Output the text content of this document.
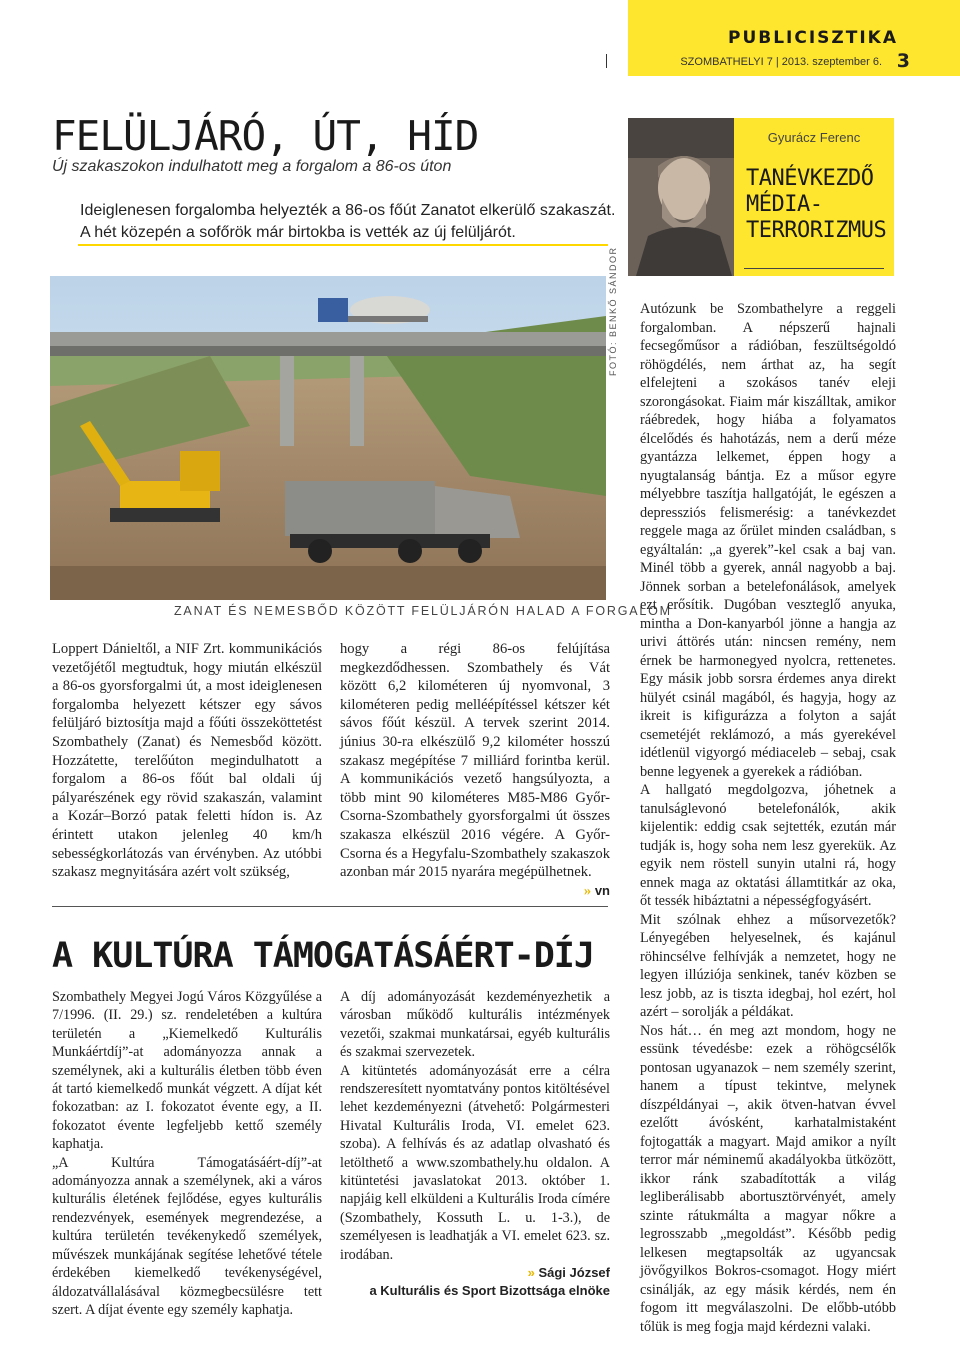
PUBLICISZTIKA
SZOMBATHELYI 7 | 2013. szeptember 6. 3
FELÜLJÁRÓ, ÚT, HÍD
Új szakaszokon indulhatott meg a forgalom a 86-os úton
Ideiglenesen forgalomba helyezték a 86-os főút Zanatot elkerülő szakaszát. A hét közepén a sofőrök már birtokba is vették az új felüljárót.
FOTÓ: BENKŐ SÁNDOR
ZANAT ÉS NEMESBŐD KÖZÖTT FELÜLJÁRÓN HALAD A FORGALOM
Loppert Dánieltől, a NIF Zrt. kommunikációs vezetőjétől megtudtuk, hogy miután elkészül a 86-os gyorsforgalmi út, a most ideiglenesen forgalomba helyezett kétszer egy sávos felüljáró biztosítja majd a főúti összeköttetést Szombathely (Zanat) és Nemesbőd között. Hozzátette, terelőúton megindulhatott a forgalom a 86-os főút bal oldali új pályarészének egy rövid szakaszán, valamint a Kozár–Borzó patak feletti hídon is. Az érintett utakon jelenleg 40 km/h sebességkorlátozás van érvényben. Az utóbbi szakasz megnyitására azért volt szükség,
hogy a régi 86-os felújítása megkezdődhessen. Szombathely és Vát között 6,2 kilométeren új nyomvonal, 3 kilométeren pedig melléépítéssel kétszer két sávos főút készül. A tervek szerint 2014. június 30-ra elkészülő 9,2 kilométer hosszú szakasz megépítése 7 milliárd forintba kerül. A kommunikációs vezető hangsúlyozta, a több mint 90 kilométeres M85-M86 Győr-Csorna-Szombathely gyorsforgalmi út összes szakasza elkészül 2016 végére. A Győr-Csorna és a Hegyfalu-Szombathely szakaszok azonban már 2015 nyarára megépülhetnek.
» vn
A KULTÚRA TÁMOGATÁSÁÉRT-DÍJ

Szombathely Megyei Jogú Város Közgyűlése a 7/1996. (II. 29.) sz. rendeletében a kultúra területén a „Kiemelkedő Kulturális Munkáértdíj”-at adományozza annak a személynek, aki a kulturális életben több éven át tartó kiemelkedő munkát végzett. A díjat két fokozatban: az I. fokozatot évente egy, a II. fokozatot évente legfeljebb kettő személy kaphatja.

„A Kultúra Támogatásáért-díj”-at adományozza annak a személynek, aki a város kulturális életének fejlődése, egyes kulturális rendezvények, események megrendezése, a kultúra területén tevékenykedő személyek, művészek munkájának segítése lehetővé tétele érdekében kiemelkedő tevékenységével, áldozatvállalásával közmegbecsülésre tett szert. A díjat évente egy személy kaphatja.

A díj adományozását kezdeményezhetik a városban működő kulturális intézmények vezetői, szakmai munkatársai, egyéb kulturális és szakmai szervezetek.

A kitüntetés adományozását erre a célra rendszeresített nyomtatvány pontos kitöltésével lehet kezdeményezni (átvehető: Polgármesteri Hivatal Kulturális Iroda, VI. emelet 623. szoba). A felhívás és az adatlap olvasható és letölthető a www.szombathely.hu oldalon. A kitüntetési javaslatokat 2013. október 1. napjáig kell elküldeni a Kulturális Iroda címére (Szombathely, Kossuth L. u. 1-3.), de személyesen is leadhatják a VI. emelet 623. sz. irodában.

» Sági József
a Kulturális és Sport Bizottsága elnöke
Gyurácz Ferenc
TANÉVKEZDŐ
MÉDIA-
TERRORIZMUS

Autózunk be Szombathelyre a reggeli forgalomban. A népszerű hajnali fecsegőműsor a rádióban, feszültségoldó röhögdélés, nem árthat az, ha segít elfelejteni a szokásos tanév eleji szorongásokat. Fiaim már kiszálltak, amikor ráébredek, hogy hiába a folyamatos élcelődés és hahotázás, nem a derű méze gyantázza lelkemet, éppen hogy a nyugtalanság bántja. Ez a műsor egyre mélyebbre taszítja hallgatóját, le egészen a depressziós felismerésig: a tanévkezdet reggele maga az őrület minden családban, s egyáltalán: „a gyerek”-kel csak a baj van. Minél több a gyerek, annál nagyobb a baj. Jönnek sorban a betelefonálások, amelyek ezt erősítik. Dugóban veszteglő anyuka, mintha a Don-kanyarból jönne a hangja az urivi áttörés után: nincsen remény, nem érnek be harmonegyed nyolcra, rettenetes. Egy másik jobb sorsra érdemes anya direkt hülyét csinál magából, és hagyja, hogy az ikreit is kifigurázza a folyton a saját csemetéjét reklámozó, a más gyerekével idétlenül vigyorgó médiaceleb – sebaj, csak benne legyenek a gyerekek a rádióban.

A hallgató megdolgozva, jóhetnek a tanulságlevonó betelefonálók, akik kijelentik: eddig csak sejtették, ezután már tudják is, hogy soha nem lesz gyerekük. Az egyik nem röstell sunyin utalni rá, hogy ennek maga az oktatási államtitkár az oka, őt tessék hibáztatni a népességfogyásért.

Mit szólnak ehhez a műsorvezetők? Lényegében helyeselnek, és kajánul röhincsélve felhívják a nemzetet, hogy ne legyen illúziója senkinek, tanév közben se lesz jobb, az is tiszta idegbaj, hol ezért, hol azért – sorolják a példákat.

Nos hát… én meg azt mondom, hogy ne essünk tévedésbe: ezek a röhögcsélők pontosan ugyanazok – nem személy szerint, hanem a típust tekintve, melynek díszpéldányai –, akik ötven-hatvan évvel ezelőtt ávósként, karhatalmistaként fojtogatták a magyart. Majd amikor a nyílt terror már néminemű akadályokba ütközött, ikkor ránk szabadították a világ legliberálisabb abortusztörvényét, amely szinte rátukmálta a magyar nőkre a legrosszabb „megoldást”. Később pedig lelkesen megtapsolták az ugyancsak jövőgyilkos Bokros-csomagot. Hogy miért csinálják, az egy másik kérdés, nem én fogom itt megválaszolni. De előbb-utóbb tőlük is meg fogja majd kérdezni valaki.
